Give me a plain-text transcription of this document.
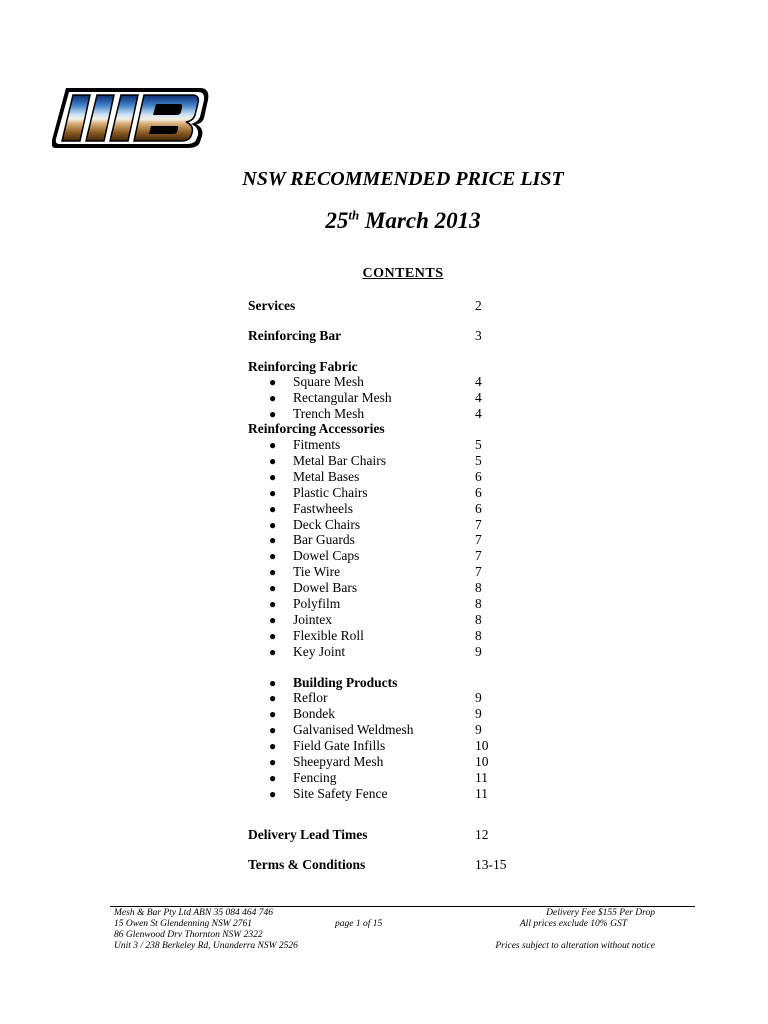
NSW RECOMMENDED PRICE LIST
25th March 2013
CONTENTS
Services	2
Reinforcing Bar	3
Reinforcing Fabric
● Square Mesh	4
● Rectangular Mesh	4
● Trench Mesh	4
Reinforcing Accessories
● Fitments	5
● Metal Bar Chairs	5
● Metal Bases	6
● Plastic Chairs	6
● Fastwheels	6
● Deck Chairs	7
● Bar Guards	7
● Dowel Caps	7
● Tie Wire	7
● Dowel Bars	8
● Polyfilm	8
● Jointex	8
● Flexible Roll	8
● Key Joint	9
● Building Products
● Reflor	9
● Bondek	9
● Galvanised Weldmesh	9
● Field Gate Infills	10
● Sheepyard Mesh	10
● Fencing	11
● Site Safety Fence	11
Delivery Lead Times	12
Terms & Conditions	13-15
Mesh & Bar Pty Ltd ABN 35 084 464 746
15 Owen St Glendenning NSW 2761
86 Glenwood Drv Thornton NSW 2322
Unit 3 / 238 Berkeley Rd, Unanderra NSW 2526
page 1 of 15
Delivery Fee $155 Per Drop
All prices exclude 10% GST
Prices subject to alteration without notice
